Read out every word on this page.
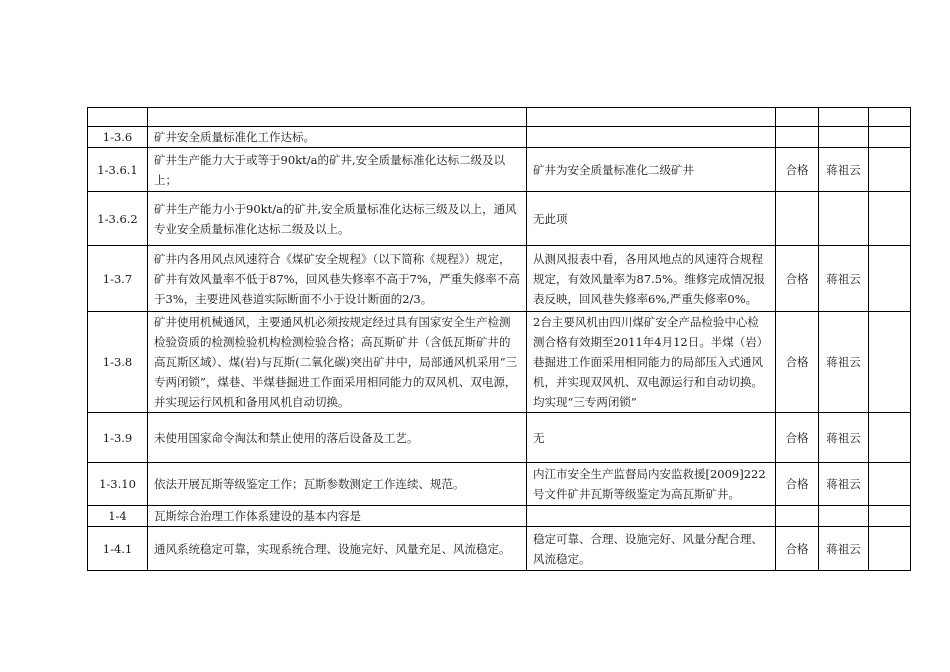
1-3.6	矿井安全质量标准化工作达标。				
1-3.6.1	矿井生产能力大于或等于90kt/a的矿井,安全质量标准化达标二级及以上；	矿井为安全质量标准化二级矿井	合格	蒋祖云	
1-3.6.2	矿井生产能力小于90kt/a的矿井,安全质量标准化达标三级及以上，通风专业安全质量标准化达标二级及以上。	无此项			
1-3.7	矿井内各用风点风速符合《煤矿安全规程》（以下简称《规程》）规定，矿井有效风量率不低于87%，回风巷失修率不高于7%，严重失修率不高于3%，主要进风巷道实际断面不小于设计断面的2/3。	从测风报表中看，各用风地点的风速符合规程规定，有效风量率为87.5%。维修完成情况报表反映，回风巷失修率6%,严重失修率0%。	合格	蒋祖云	
1-3.8	矿井使用机械通风，主要通风机必须按规定经过具有国家安全生产检测检验资质的检测检验机构检测检验合格；高瓦斯矿井（含低瓦斯矿井的高瓦斯区域）、煤(岩)与瓦斯(二氧化碳)突出矿井中，局部通风机采用“三专两闭锁”，煤巷、半煤巷掘进工作面采用相同能力的双风机、双电源，并实现运行风机和备用风机自动切换。	2台主要风机由四川煤矿安全产品检验中心检测合格有效期至2011年4月12日。半煤（岩）巷掘进工作面采用相同能力的局部压入式通风机，并实现双风机、双电源运行和自动切换。均实现“三专两闭锁”	合格	蒋祖云	
1-3.9	未使用国家命令淘汰和禁止使用的落后设备及工艺。	无	合格	蒋祖云	
1-3.10	依法开展瓦斯等级鉴定工作；瓦斯参数测定工作连续、规范。	内江市安全生产监督局内安监救援[2009]222号文件矿井瓦斯等级鉴定为高瓦斯矿井。	合格	蒋祖云	
1-4	瓦斯综合治理工作体系建设的基本内容是				
1-4.1	通风系统稳定可靠，实现系统合理、设施完好、风量充足、风流稳定。	稳定可靠、合理、设施完好、风量分配合理、风流稳定。	合格	蒋祖云	
